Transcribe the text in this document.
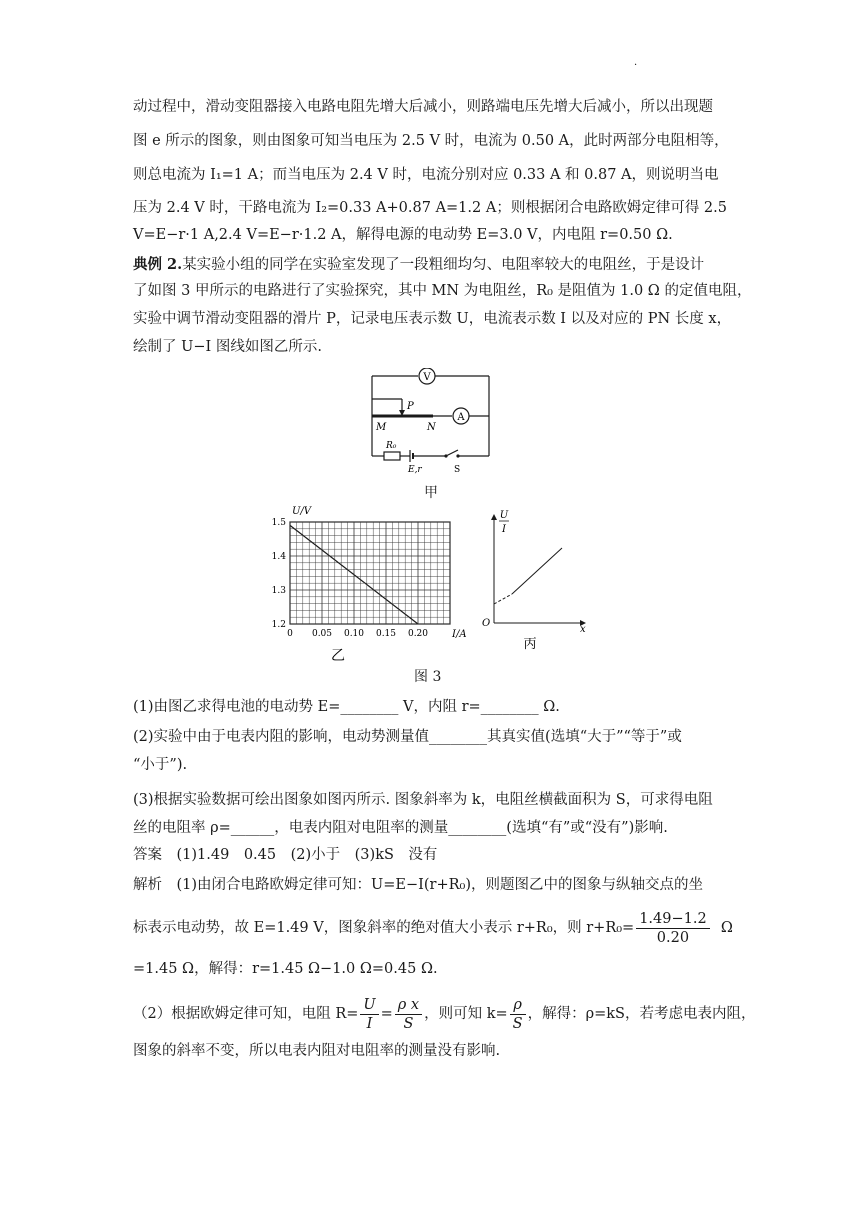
·
动过程中，滑动变阻器接入电路电阻先增大后减小，则路端电压先增大后减小，所以出现题
图 e 所示的图象，则由图象可知当电压为 2.5 V 时，电流为 0.50 A，此时两部分电阻相等，
则总电流为 I₁=1 A；而当电压为 2.4 V 时，电流分别对应 0.33 A 和 0.87 A，则说明当电
压为 2.4 V 时，干路电流为 I₂=0.33 A+0.87 A=1.2 A；则根据闭合电路欧姆定律可得 2.5
V=E−r·1 A,2.4 V=E−r·1.2 A，解得电源的电动势 E=3.0 V，内电阻 r=0.50 Ω.
典例 2.某实验小组的同学在实验室发现了一段粗细均匀、电阻率较大的电阻丝，于是设计
了如图 3 甲所示的电路进行了实验探究，其中 MN 为电阻丝，R₀ 是阻值为 1.0 Ω 的定值电阻，
实验中调节滑动变阻器的滑片 P，记录电压表示数 U，电流表示数 I 以及对应的 PN 长度 x，
绘制了 U−I 图线如图乙所示.
V
A
P
M	N
R₀
E,r	S
甲
1.5
1.4
1.3
1.2
0.20
0.15
0.10
0.05
U/V
I/A
0
乙
U
I
x
O
丙
图 3
(1)由图乙求得电池的电动势 E=________ V，内阻 r=________ Ω.
(2)实验中由于电表内阻的影响，电动势测量值________其真实值(选填“大于”“等于”或
“小于”).
(3)根据实验数据可绘出图象如图丙所示. 图象斜率为 k，电阻丝横截面积为 S，可求得电阻
丝的电阻率 ρ=______，电表内阻对电阻率的测量________(选填“有”或“没有”)影响.
答案　(1)1.49　0.45　(2)小于　(3)kS　没有
解析　(1)由闭合电路欧姆定律可知：U=E−I(r+R₀)，则题图乙中的图象与纵轴交点的坐
标表示电动势，故 E=1.49 V，图象斜率的绝对值大小表示 r+R₀，则 $r+R_0= \frac{1.49-1.2}{0.20}$ Ω
=1.45 Ω，解得：r=1.45 Ω−1.0 Ω=0.45 Ω.
（2）根据欧姆定律可知，电阻 $R= \frac{U}{I} = \frac{\text{ρ x}}{S}$ ，则可知 $k= \frac{\rho}{S}$ ，解得：ρ=kS，若考虑电表内阻，
图象的斜率不变，所以电表内阻对电阻率的测量没有影响.
